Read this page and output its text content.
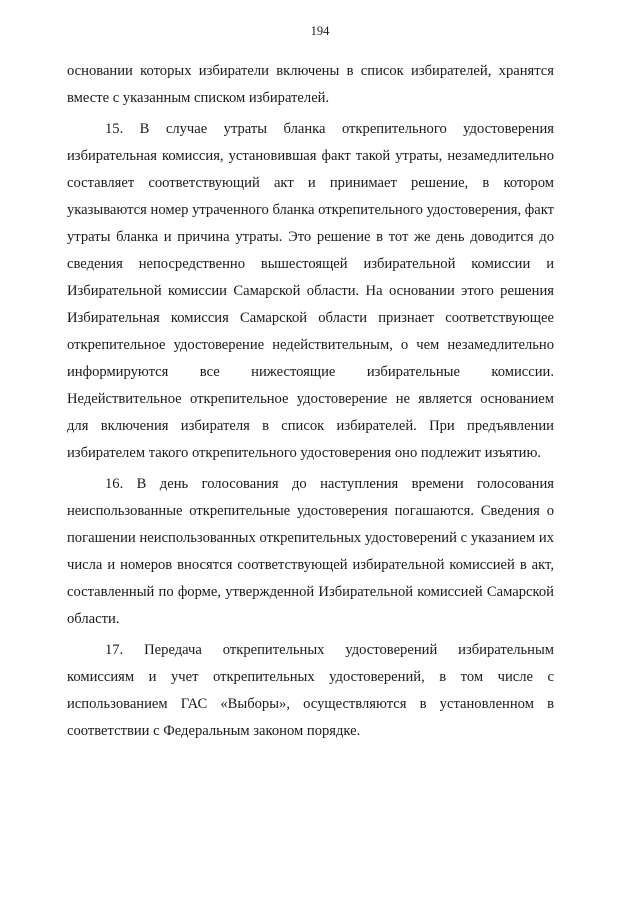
194

основании которых избиратели включены в список избирателей, хранятся вместе с указанным списком избирателей.

15. В случае утраты бланка открепительного удостоверения избирательная комиссия, установившая факт такой утраты, незамедлительно составляет соответствующий акт и принимает решение, в котором указываются номер утраченного бланка открепительного удостоверения, факт утраты бланка и причина утраты. Это решение в тот же день доводится до сведения непосредственно вышестоящей избирательной комиссии и Избирательной комиссии Самарской области. На основании этого решения Избирательная комиссия Самарской области признает соответствующее открепительное удостоверение недействительным, о чем незамедлительно информируются все нижестоящие избирательные комиссии. Недействительное открепительное удостоверение не является основанием для включения избирателя в список избирателей. При предъявлении избирателем такого открепительного удостоверения оно подлежит изъятию.

16. В день голосования до наступления времени голосования неиспользованные открепительные удостоверения погашаются. Сведения о погашении неиспользованных открепительных удостоверений с указанием их числа и номеров вносятся соответствующей избирательной комиссией в акт, составленный по форме, утвержденной Избирательной комиссией Самарской области.

17. Передача открепительных удостоверений избирательным комиссиям и учет открепительных удостоверений, в том числе с использованием ГАС «Выборы», осуществляются в установленном в соответствии с Федеральным законом порядке.
